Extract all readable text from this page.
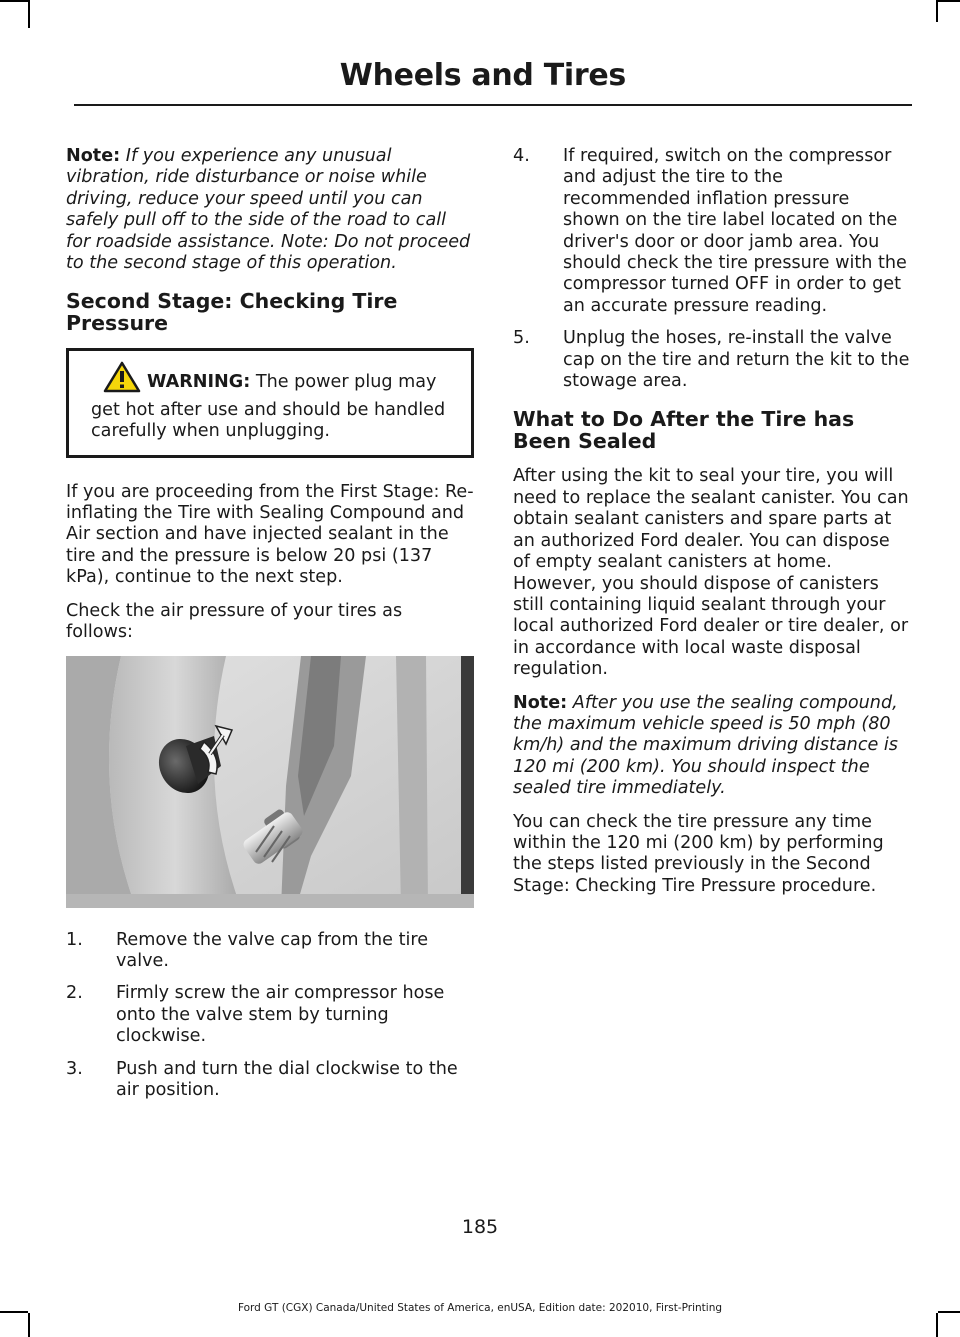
Wheels and Tires

Note: If you experience any unusual vibration, ride disturbance or noise while driving, reduce your speed until you can safely pull off to the side of the road to call for roadside assistance. Note: Do not proceed to the second stage of this operation.

Second Stage: Checking Tire Pressure
WARNING: The power plug may get hot after use and should be handled carefully when unplugging.

If you are proceeding from the First Stage: Re-inflating the Tire with Sealing Compound and Air section and have injected sealant in the tire and the pressure is below 20 psi (137 kPa), continue to the next step.

Check the air pressure of your tires as follows:

1. Remove the valve cap from the tire valve.
2. Firmly screw the air compressor hose onto the valve stem by turning clockwise.
3. Push and turn the dial clockwise to the air position.
4. If required, switch on the compressor and adjust the tire to the recommended inflation pressure shown on the tire label located on the driver's door or door jamb area. You should check the tire pressure with the compressor turned OFF in order to get an accurate pressure reading.
5. Unplug the hoses, re-install the valve cap on the tire and return the kit to the stowage area.
What to Do After the Tire has Been Sealed

After using the kit to seal your tire, you will need to replace the sealant canister. You can obtain sealant canisters and spare parts at an authorized Ford dealer. You can dispose of empty sealant canisters at home. However, you should dispose of canisters still containing liquid sealant through your local authorized Ford dealer or tire dealer, or in accordance with local waste disposal regulation.

Note: After you use the sealing compound, the maximum vehicle speed is 50 mph (80 km/h) and the maximum driving distance is 120 mi (200 km). You should inspect the sealed tire immediately.

You can check the tire pressure any time within the 120 mi (200 km) by performing the steps listed previously in the Second Stage: Checking Tire Pressure procedure.

185
Ford GT (CGX) Canada/United States of America, enUSA, Edition date: 202010, First-Printing
